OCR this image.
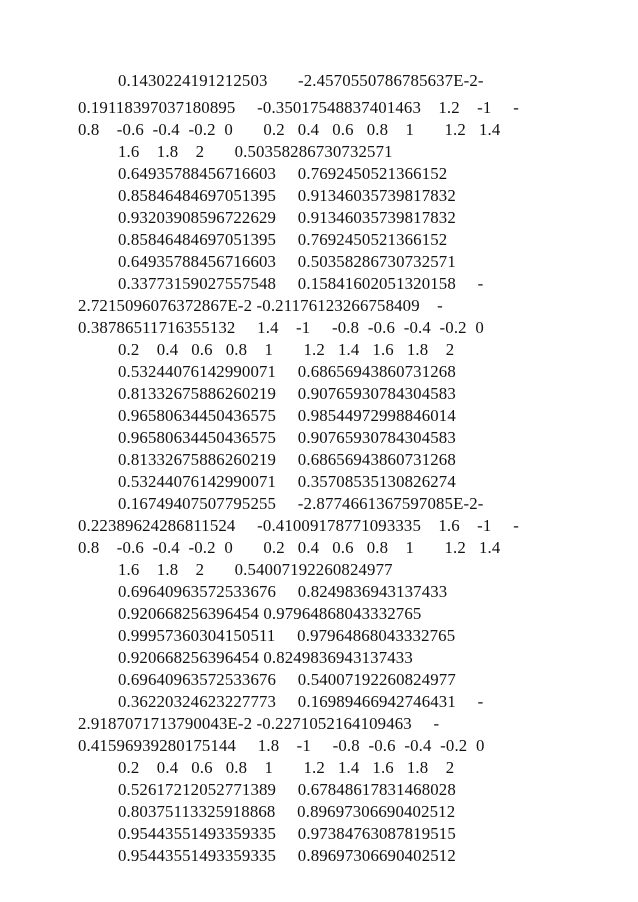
0.1430224191212503       -2.4570550786785637E-2-
0.19118397037180895     -0.35017548837401463    1.2    -1     -
0.8    -0.6  -0.4  -0.2  0       0.2   0.4   0.6   0.8    1       1.2   1.4
1.6    1.8    2       0.50358286730732571
0.64935788456716603     0.7692450521366152
0.85846484697051395     0.91346035739817832
0.93203908596722629     0.91346035739817832
0.85846484697051395     0.7692450521366152
0.64935788456716603     0.50358286730732571
0.33773159027557548     0.15841602051320158     -
2.7215096076372867E-2 -0.21176123266758409    -
0.38786511716355132     1.4    -1     -0.8  -0.6  -0.4  -0.2  0
0.2    0.4   0.6   0.8    1       1.2   1.4   1.6   1.8    2
0.53244076142990071     0.68656943860731268
0.81332675886260219     0.90765930784304583
0.96580634450436575     0.98544972998846014
0.96580634450436575     0.90765930784304583
0.81332675886260219     0.68656943860731268
0.53244076142990071     0.35708535130826274
0.16749407507795255     -2.8774661367597085E-2-
0.22389624286811524     -0.41009178771093335    1.6    -1     -
0.8    -0.6  -0.4  -0.2  0       0.2   0.4   0.6   0.8    1       1.2   1.4
1.6    1.8    2       0.54007192260824977
0.69640963572533676     0.8249836943137433
0.920668256396454 0.97964868043332765
0.99957360304150511     0.97964868043332765
0.920668256396454 0.8249836943137433
0.69640963572533676     0.54007192260824977
0.36220324623227773     0.16989466942746431     -
2.9187071713790043E-2 -0.2271052164109463     -
0.41596939280175144     1.8    -1     -0.8  -0.6  -0.4  -0.2  0
0.2    0.4   0.6   0.8    1       1.2   1.4   1.6   1.8    2
0.52617212052771389     0.67848617831468028
0.80375113325918868     0.89697306690402512
0.95443551493359335     0.97384763087819515
0.95443551493359335     0.89697306690402512
